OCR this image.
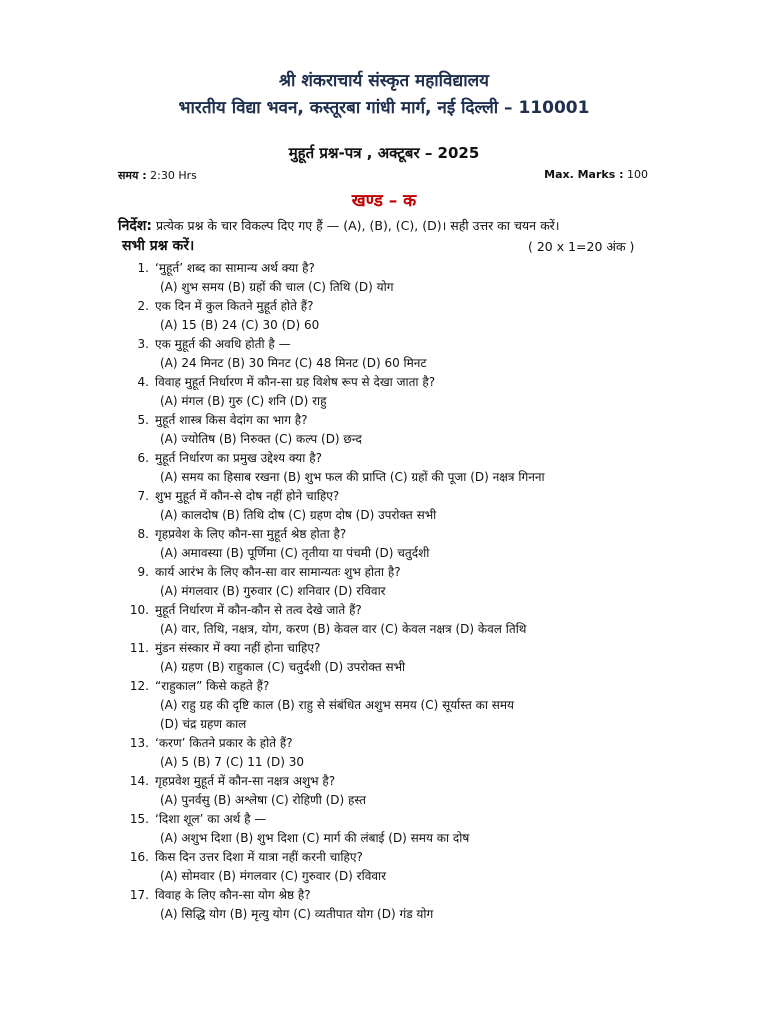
श्री शंकराचार्य संस्कृत महाविद्यालय
भारतीय विद्या भवन, कस्तूरबा गांधी मार्ग, नई दिल्ली – 110001
मुहूर्त प्रश्न-पत्र , अक्टूबर – 2025
समय : 2:30 Hrs	Max. Marks : 100
खण्ड – क
निर्देश: प्रत्येक प्रश्न के चार विकल्प दिए गए हैं — (A), (B), (C), (D)। सही उत्तर का चयन करें।
सभी प्रश्न करें।	( 20 x 1=20 अंक )
1. ‘मुहूर्त’ शब्द का सामान्य अर्थ क्या है?
(A) शुभ समय (B) ग्रहों की चाल (C) तिथि (D) योग
2. एक दिन में कुल कितने मुहूर्त होते हैं?
(A) 15 (B) 24 (C) 30 (D) 60
3. एक मुहूर्त की अवधि होती है —
(A) 24 मिनट (B) 30 मिनट (C) 48 मिनट (D) 60 मिनट
4. विवाह मुहूर्त निर्धारण में कौन-सा ग्रह विशेष रूप से देखा जाता है?
(A) मंगल (B) गुरु (C) शनि (D) राहु
5. मुहूर्त शास्त्र किस वेदांग का भाग है?
(A) ज्योतिष (B) निरुक्त (C) कल्प (D) छन्द
6. मुहूर्त निर्धारण का प्रमुख उद्देश्य क्या है?
(A) समय का हिसाब रखना (B) शुभ फल की प्राप्ति (C) ग्रहों की पूजा (D) नक्षत्र गिनना
7. शुभ मुहूर्त में कौन-से दोष नहीं होने चाहिए?
(A) कालदोष (B) तिथि दोष (C) ग्रहण दोष (D) उपरोक्त सभी
8. गृहप्रवेश के लिए कौन-सा मुहूर्त श्रेष्ठ होता है?
(A) अमावस्या (B) पूर्णिमा (C) तृतीया या पंचमी (D) चतुर्दशी
9. कार्य आरंभ के लिए कौन-सा वार सामान्यतः शुभ होता है?
(A) मंगलवार (B) गुरुवार (C) शनिवार (D) रविवार
10. मुहूर्त निर्धारण में कौन-कौन से तत्व देखे जाते हैं?
(A) वार, तिथि, नक्षत्र, योग, करण (B) केवल वार (C) केवल नक्षत्र (D) केवल तिथि
11. मुंडन संस्कार में क्या नहीं होना चाहिए?
(A) ग्रहण (B) राहुकाल (C) चतुर्दशी (D) उपरोक्त सभी
12. “राहुकाल” किसे कहते हैं?
(A) राहु ग्रह की दृष्टि काल (B) राहु से संबंधित अशुभ समय (C) सूर्यास्त का समय
(D) चंद्र ग्रहण काल
13. ‘करण’ कितने प्रकार के होते हैं?
(A) 5 (B) 7 (C) 11 (D) 30
14. गृहप्रवेश मुहूर्त में कौन-सा नक्षत्र अशुभ है?
(A) पुनर्वसु (B) अश्लेषा (C) रोहिणी (D) हस्त
15. ‘दिशा शूल’ का अर्थ है —
(A) अशुभ दिशा (B) शुभ दिशा (C) मार्ग की लंबाई (D) समय का दोष
16. किस दिन उत्तर दिशा में यात्रा नहीं करनी चाहिए?
(A) सोमवार (B) मंगलवार (C) गुरुवार (D) रविवार
17. विवाह के लिए कौन-सा योग श्रेष्ठ है?
(A) सिद्धि योग (B) मृत्यु योग (C) व्यतीपात योग (D) गंड योग
